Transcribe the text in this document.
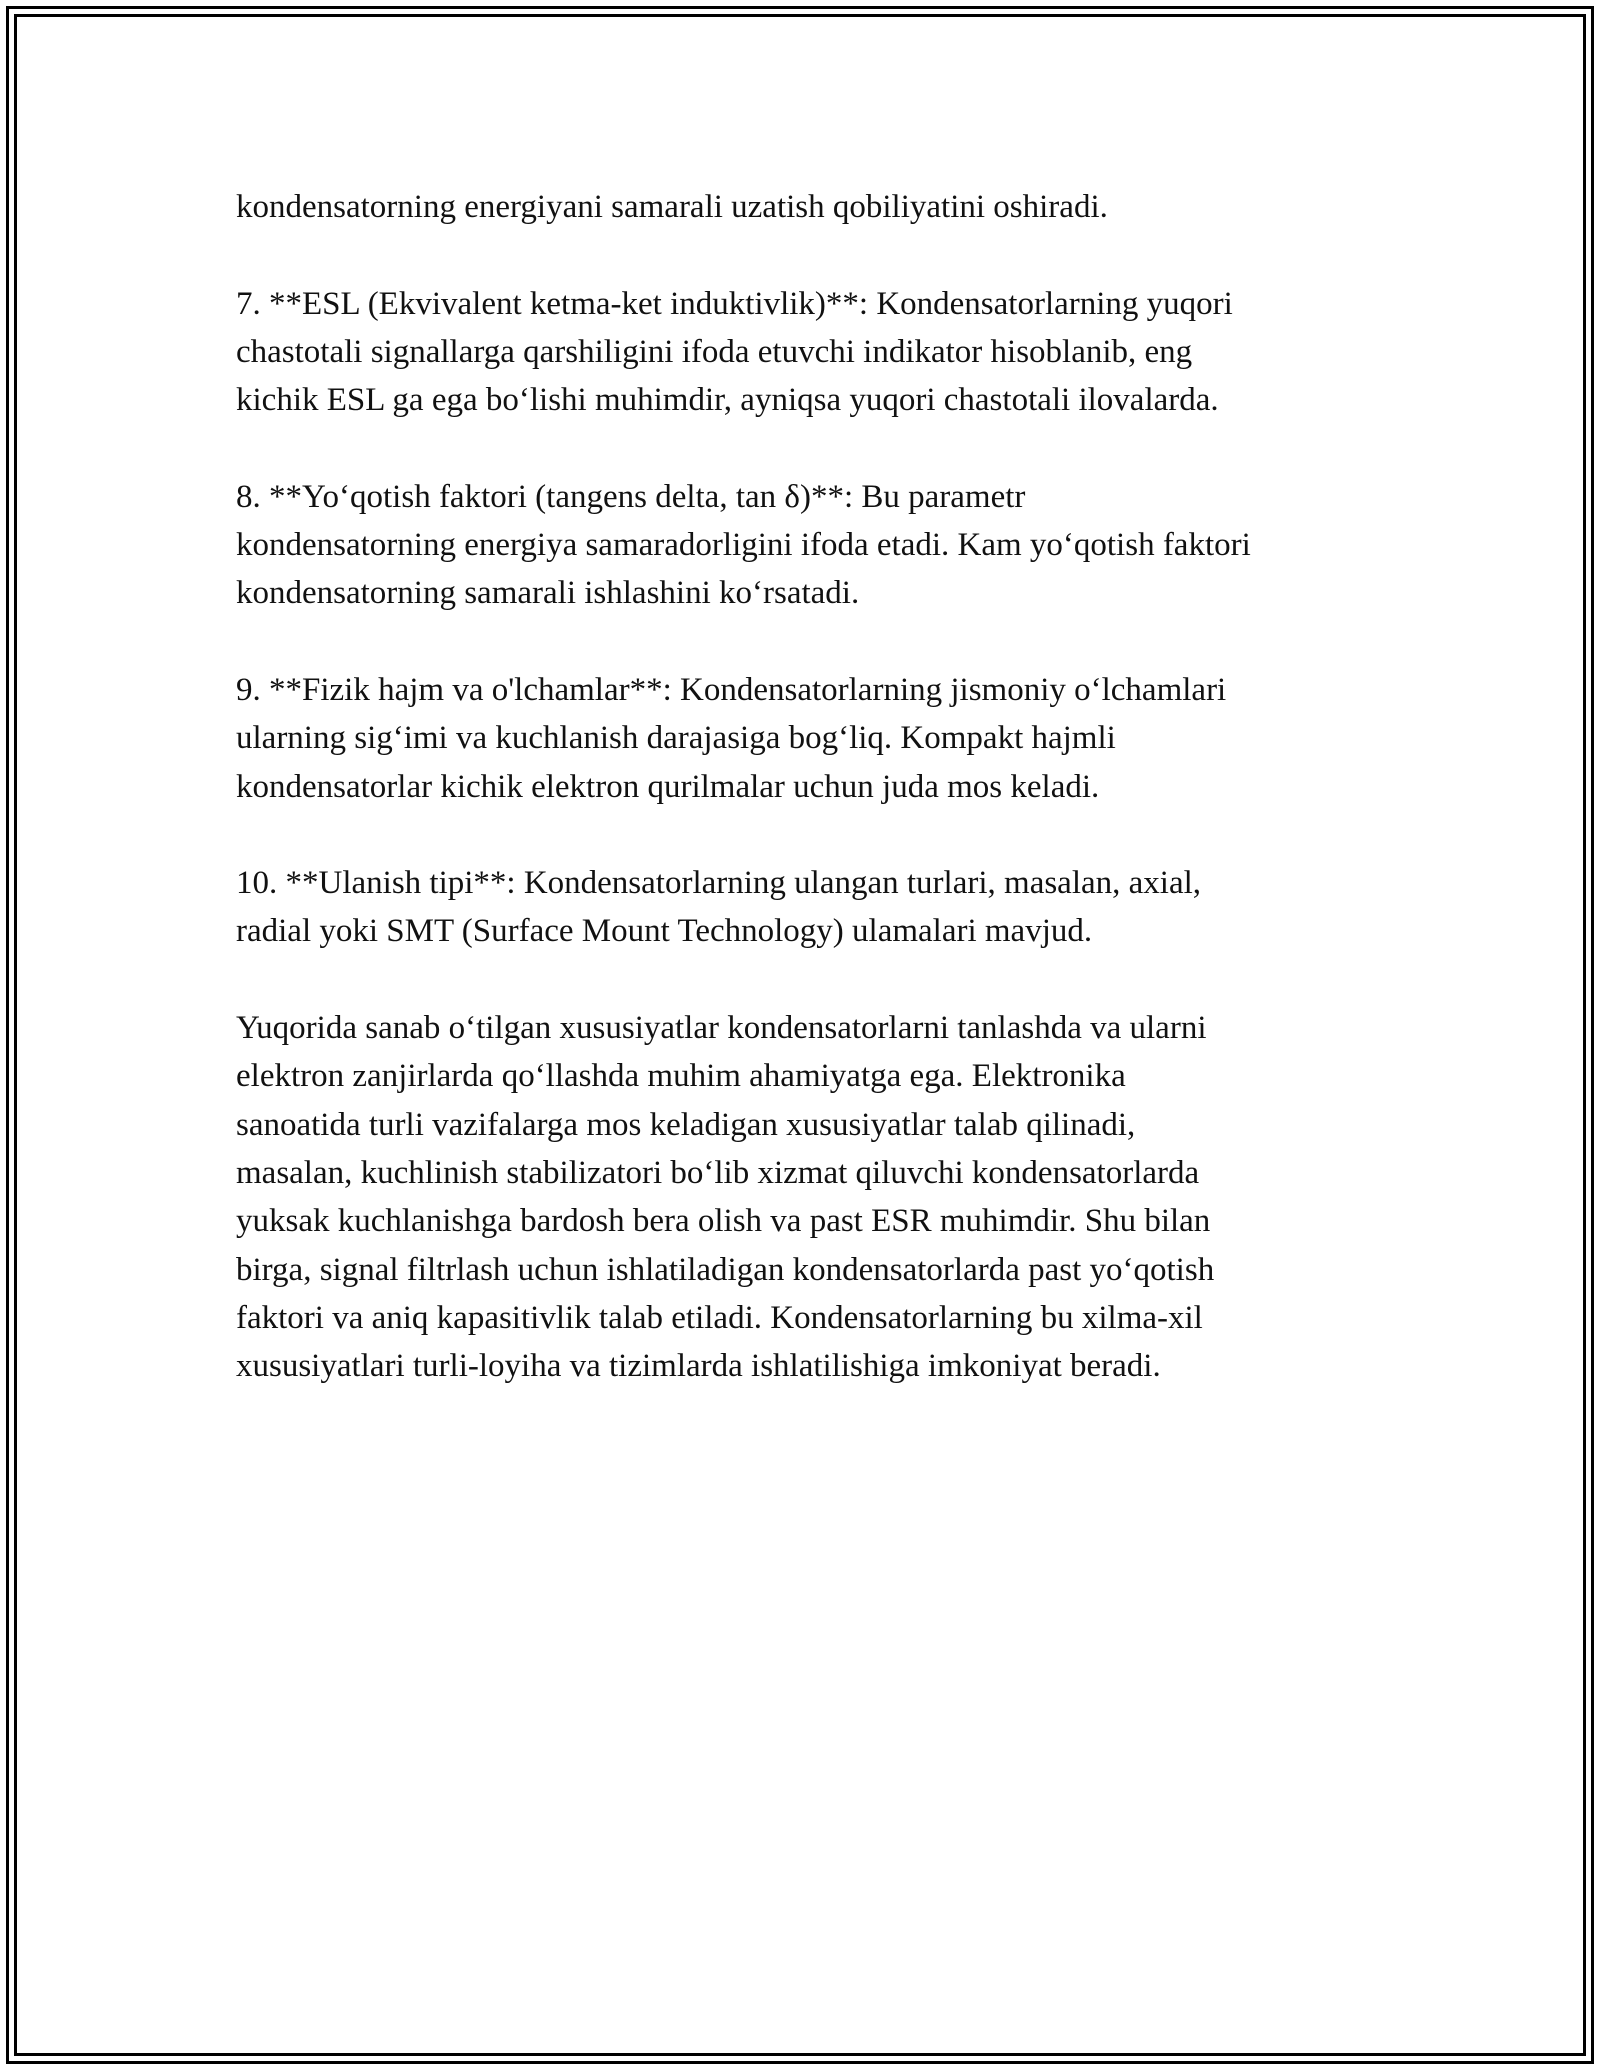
kondensatorning energiyani samarali uzatish qobiliyatini oshiradi.

7. **ESL (Ekvivalent ketma-ket induktivlik)**: Kondensatorlarning yuqori
chastotali signallarga qarshiligini ifoda etuvchi indikator hisoblanib, eng
kichik ESL ga ega bo‘lishi muhimdir, ayniqsa yuqori chastotali ilovalarda.

8. **Yo‘qotish faktori (tangens delta, tan δ)**: Bu parametr
kondensatorning energiya samaradorligini ifoda etadi. Kam yo‘qotish faktori
kondensatorning samarali ishlashini ko‘rsatadi.

9. **Fizik hajm va o'lchamlar**: Kondensatorlarning jismoniy o‘lchamlari
ularning sig‘imi va kuchlanish darajasiga bog‘liq. Kompakt hajmli
kondensatorlar kichik elektron qurilmalar uchun juda mos keladi.

10. **Ulanish tipi**: Kondensatorlarning ulangan turlari, masalan, axial,
radial yoki SMT (Surface Mount Technology) ulamalari mavjud.

Yuqorida sanab o‘tilgan xususiyatlar kondensatorlarni tanlashda va ularni
elektron zanjirlarda qo‘llashda muhim ahamiyatga ega. Elektronika
sanoatida turli vazifalarga mos keladigan xususiyatlar talab qilinadi,
masalan, kuchlinish stabilizatori bo‘lib xizmat qiluvchi kondensatorlarda
yuksak kuchlanishga bardosh bera olish va past ESR muhimdir. Shu bilan
birga, signal filtrlash uchun ishlatiladigan kondensatorlarda past yo‘qotish
faktori va aniq kapasitivlik talab etiladi. Kondensatorlarning bu xilma-xil
xususiyatlari turli-loyiha va tizimlarda ishlatilishiga imkoniyat beradi.
